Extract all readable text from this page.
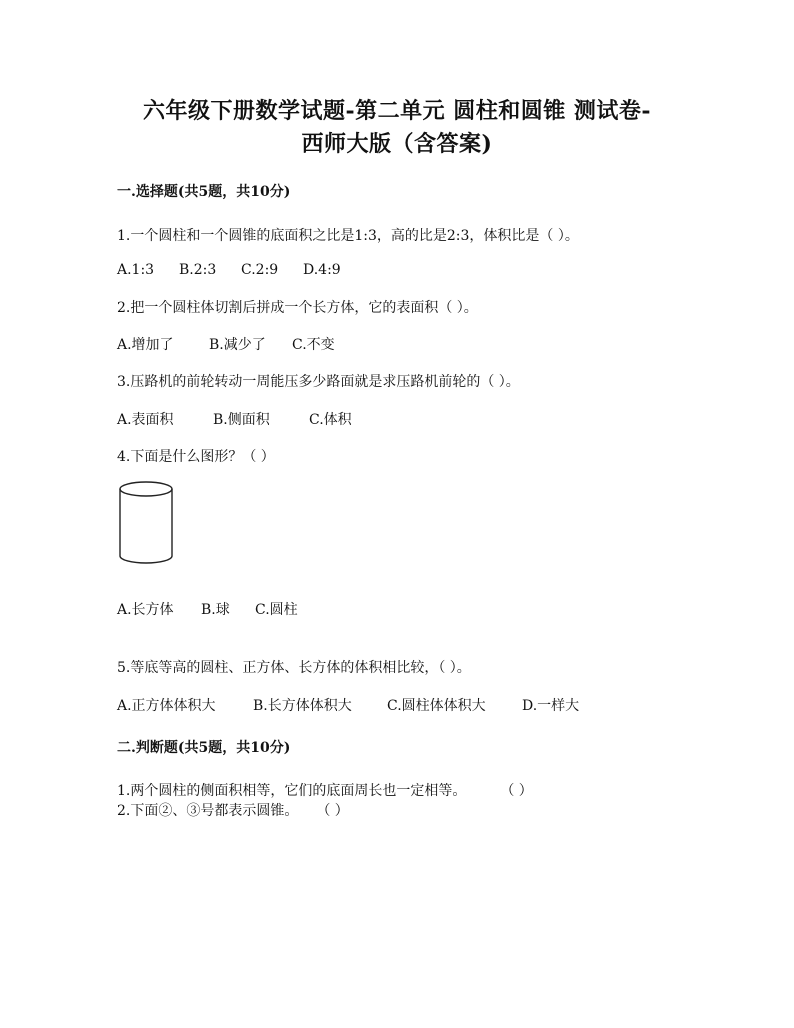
六年级下册数学试题-第二单元 圆柱和圆锥 测试卷-
西师大版（含答案)
一.选择题(共5题，共10分)
1.一个圆柱和一个圆锥的底面积之比是1:3，高的比是2:3，体积比是（ ）。
A.1:3 B.2:3 C.2:9 D.4:9
2.把一个圆柱体切割后拼成一个长方体，它的表面积（ ）。
A.增加了	B.减少了 C.不变
3.压路机的前轮转动一周能压多少路面就是求压路机前轮的（ ）。
A.表面积	B.侧面积	C.体积
4.下面是什么图形？（ ）
A.长方体 B.球 C.圆柱
5.等底等高的圆柱、正方体、长方体的体积相比较，（ ）。
A.正方体体积大	B.长方体体积大	C.圆柱体体积大	D.一样大
二.判断题(共5题，共10分)
1.两个圆柱的侧面积相等，它们的底面周长也一定相等。 （ ）
2.下面②、③号都表示圆锥。 （ ）
